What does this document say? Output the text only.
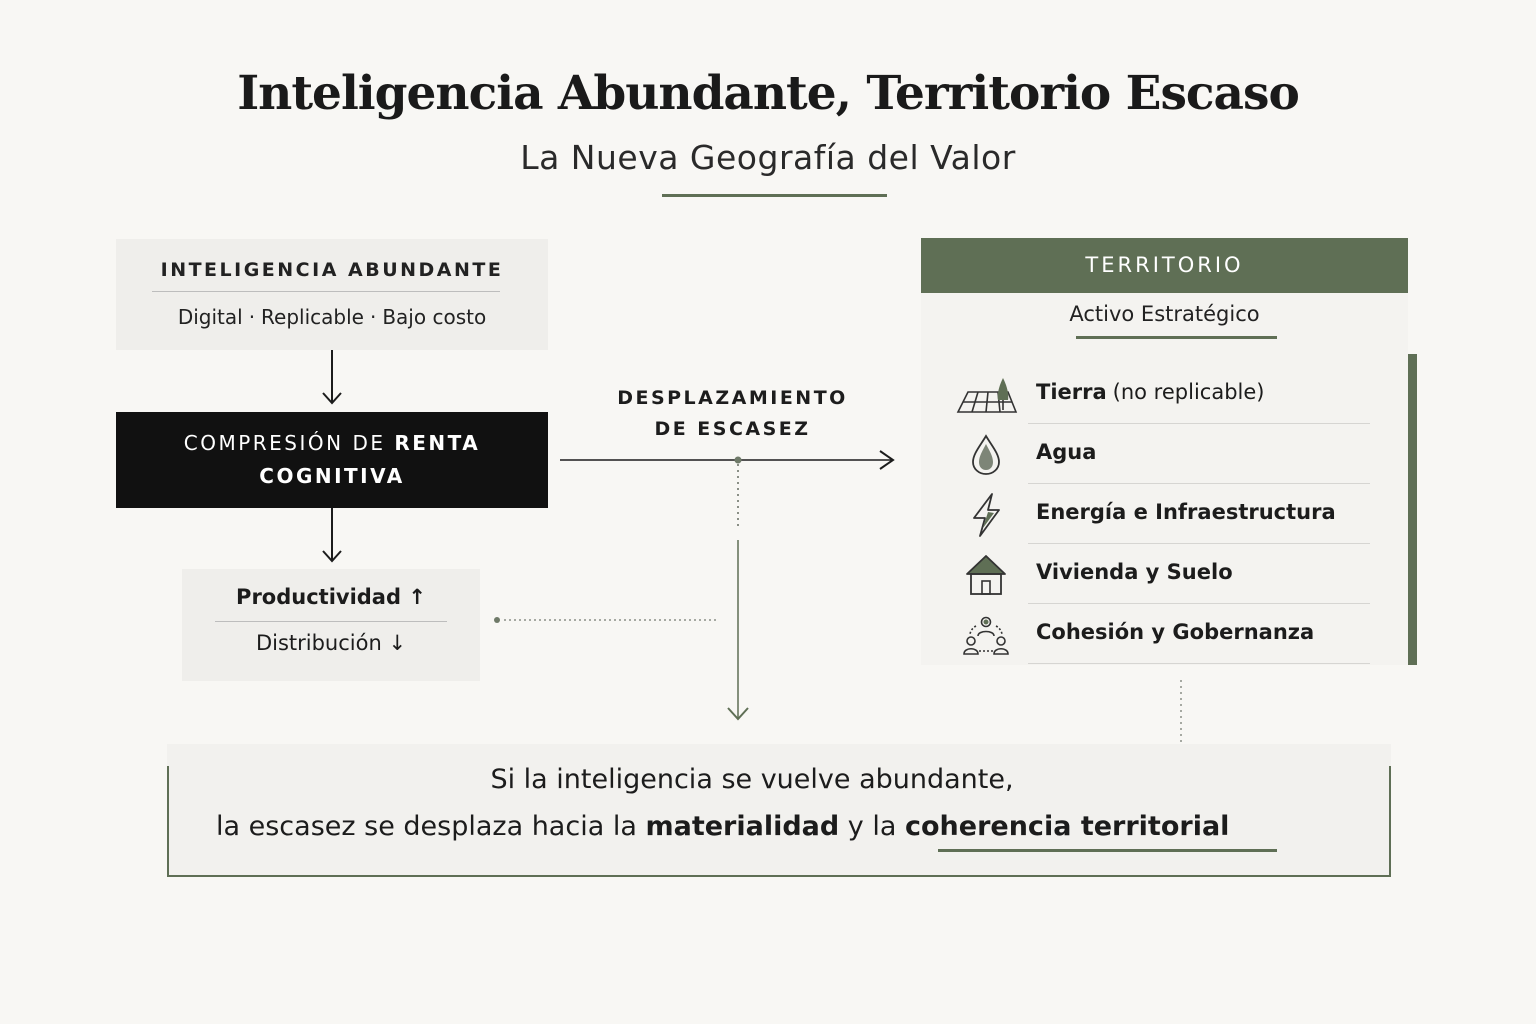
Inteligencia Abundante, Territorio Escaso
La Nueva Geografía del Valor
INTELIGENCIA ABUNDANTE
Digital · Replicable · Bajo costo
COMPRESIÓN DE RENTA
COGNITIVA
Productividad ↑
Distribución ↓
DESPLAZAMIENTO
DE ESCASEZ
TERRITORIO
Activo Estratégico
Tierra (no replicable)
Agua
Energía e Infraestructura
Vivienda y Suelo
Cohesión y Gobernanza
Si la inteligencia se vuelve abundante,
la escasez se desplaza hacia la materialidad y la coherencia territorial
